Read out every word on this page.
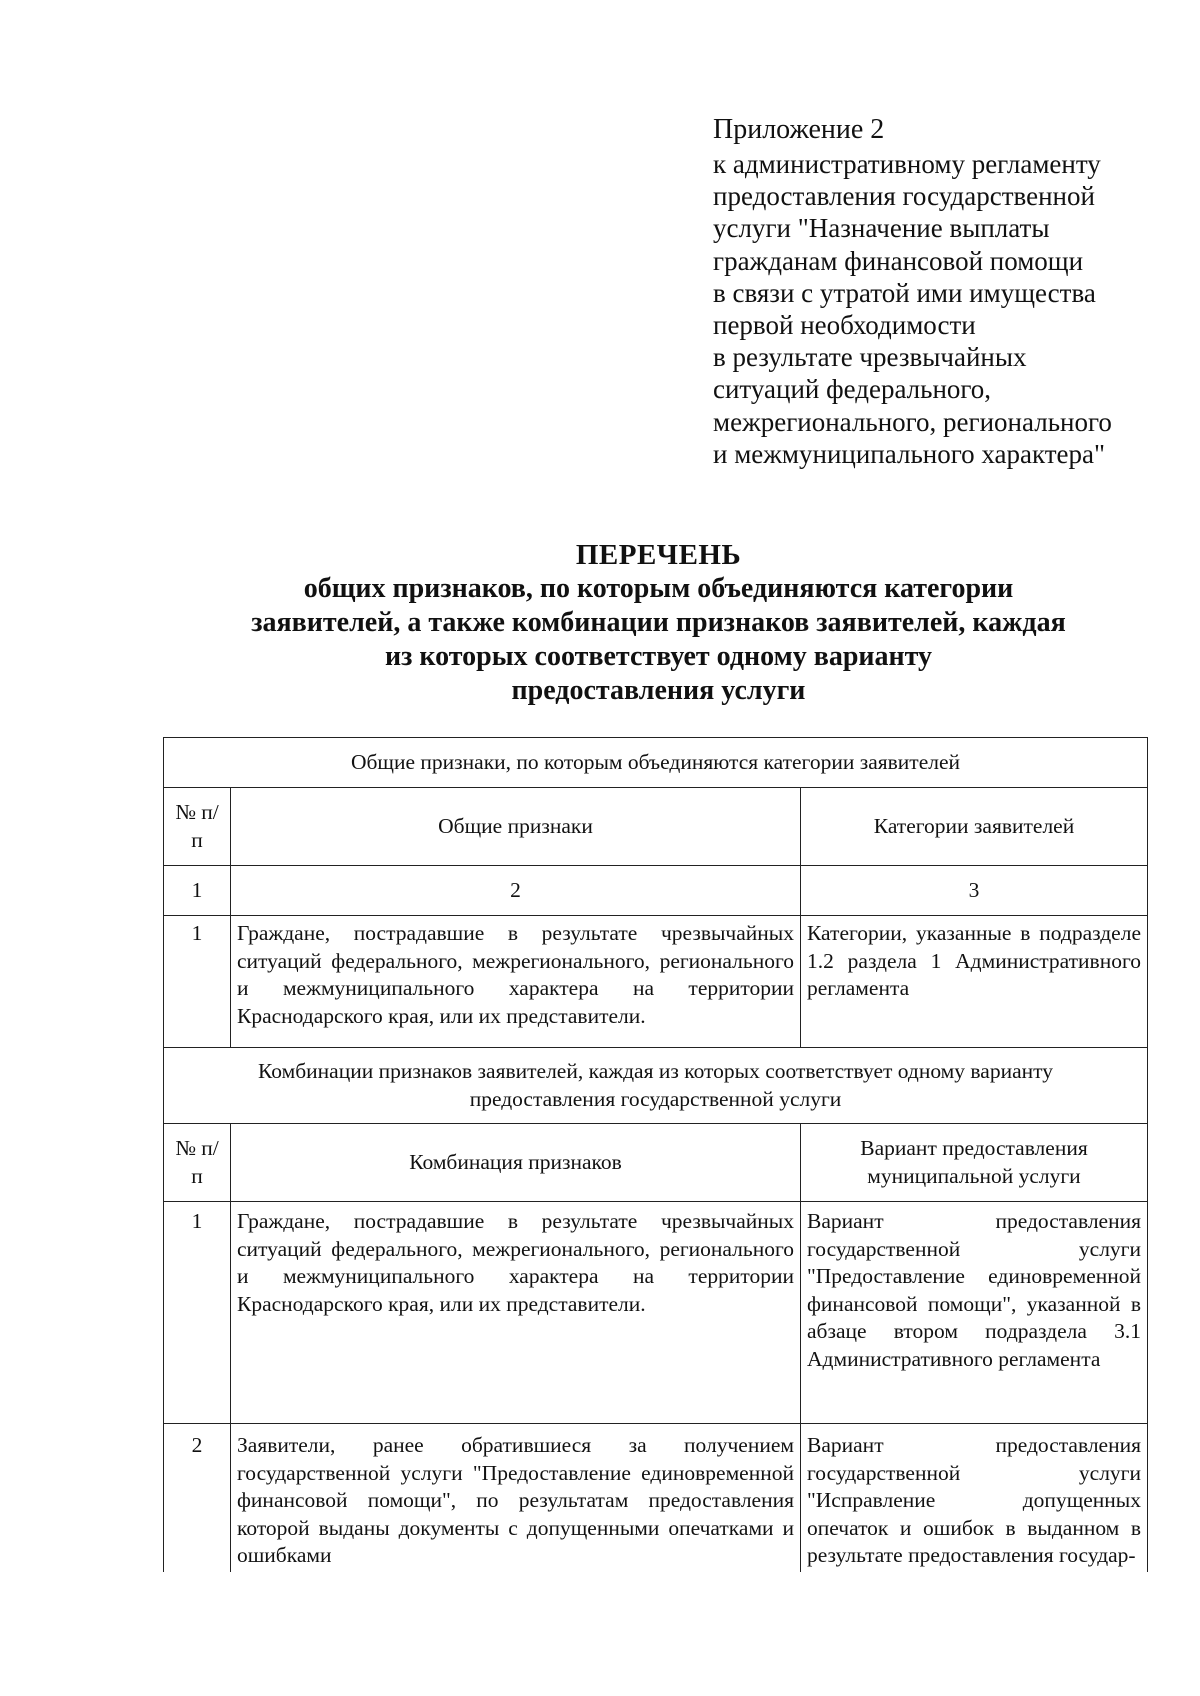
Приложение 2
к административному регламенту
предоставления государственной
услуги "Назначение выплаты
гражданам финансовой помощи
в связи с утратой ими имущества
первой необходимости
в результате чрезвычайных
ситуаций федерального,
межрегионального, регионального
и межмуниципального характера"
ПЕРЕЧЕНЬ
общих признаков, по которым объединяются категории
заявителей, а также комбинации признаков заявителей, каждая
из которых соответствует одному варианту
предоставления услуги
Общие признаки, по которым объединяются категории заявителей		
№ п/п	Общие признаки	Категории заявителей
1	2	3
1	Граждане, пострадавшие в результате чрезвычайных ситуаций федерального, межрегионального, регионального и межмуниципального характера на территории Краснодарского края, или их представители.	Категории, указанные в подразделе 1.2 раздела 1 Административного регламента
Комбинации признаков заявителей, каждая из которых соответствует одному варианту предоставления государственной услуги		
№ п/п	Комбинация признаков	Вариант предоставления муниципальной услуги
1	Граждане, пострадавшие в результате чрезвычайных ситуаций федерального, межрегионального, регионального и межмуниципального характера на территории Краснодарского края, или их представители.	Вариант предоставления государственной услуги "Предоставление единовременной финансовой помощи", указанной в абзаце втором подраздела 3.1 Административного регламента
2	Заявители, ранее обратившиеся за получением государственной услуги "Предоставление единовременной финансовой помощи", по результатам предоставления которой выданы документы с допущенными опечатками и ошибками	Вариант предоставления государственной услуги "Исправление допущенных опечаток и ошибок в выданном в результате предоставления государ-
